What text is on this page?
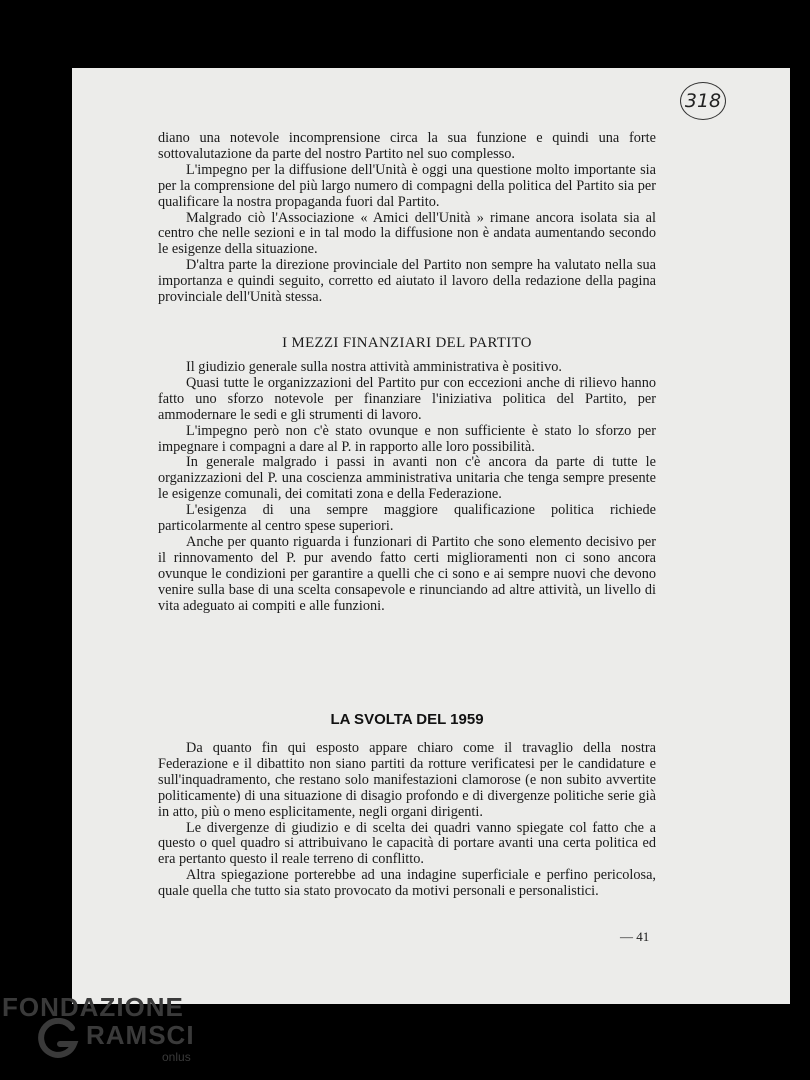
318

diano una notevole incomprensione circa la sua funzione e quindi una forte sottovalutazione da parte del nostro Partito nel suo complesso.

L'impegno per la diffusione dell'Unità è oggi una questione molto importante sia per la comprensione del più largo numero di compagni della politica del Partito sia per qualificare la nostra propaganda fuori dal Partito.

Malgrado ciò l'Associazione « Amici dell'Unità » rimane ancora isolata sia al centro che nelle sezioni e in tal modo la diffusione non è andata aumentando secondo le esigenze della situazione.

D'altra parte la direzione provinciale del Partito non sempre ha valutato nella sua importanza e quindi seguito, corretto ed aiutato il lavoro della redazione della pagina provinciale dell'Unità stessa.

I MEZZI FINANZIARI DEL PARTITO

Il giudizio generale sulla nostra attività amministrativa è positivo.

Quasi tutte le organizzazioni del Partito pur con eccezioni anche di rilievo hanno fatto uno sforzo notevole per finanziare l'iniziativa politica del Partito, per ammodernare le sedi e gli strumenti di lavoro.

L'impegno però non c'è stato ovunque e non sufficiente è stato lo sforzo per impegnare i compagni a dare al P. in rapporto alle loro possibilità.

In generale malgrado i passi in avanti non c'è ancora da parte di tutte le organizzazioni del P. una coscienza amministrativa unitaria che tenga sempre presente le esigenze comunali, dei comitati zona e della Federazione.

L'esigenza di una sempre maggiore qualificazione politica richiede particolarmente al centro spese superiori.

Anche per quanto riguarda i funzionari di Partito che sono elemento decisivo per il rinnovamento del P. pur avendo fatto certi miglioramenti non ci sono ancora ovunque le condizioni per garantire a quelli che ci sono e ai sempre nuovi che devono venire sulla base di una scelta consapevole e rinunciando ad altre attività, un livello di vita adeguato ai compiti e alle funzioni.

LA SVOLTA DEL 1959

Da quanto fin qui esposto appare chiaro come il travaglio della nostra Federazione e il dibattito non siano partiti da rotture verificatesi per le candidature e sull'inquadramento, che restano solo manifestazioni clamorose (e non subito avvertite politicamente) di una situazione di disagio profondo e di divergenze politiche serie già in atto, più o meno esplicitamente, negli organi dirigenti.

Le divergenze di giudizio e di scelta dei quadri vanno spiegate col fatto che a questo o quel quadro si attribuivano le capacità di portare avanti una certa politica ed era pertanto questo il reale terreno di conflitto.

Altra spiegazione porterebbe ad una indagine superficiale e perfino pericolosa, quale quella che tutto sia stato provocato da motivi personali e personalistici.

— 41
FONDAZIONE
RAMSCI
onlus
